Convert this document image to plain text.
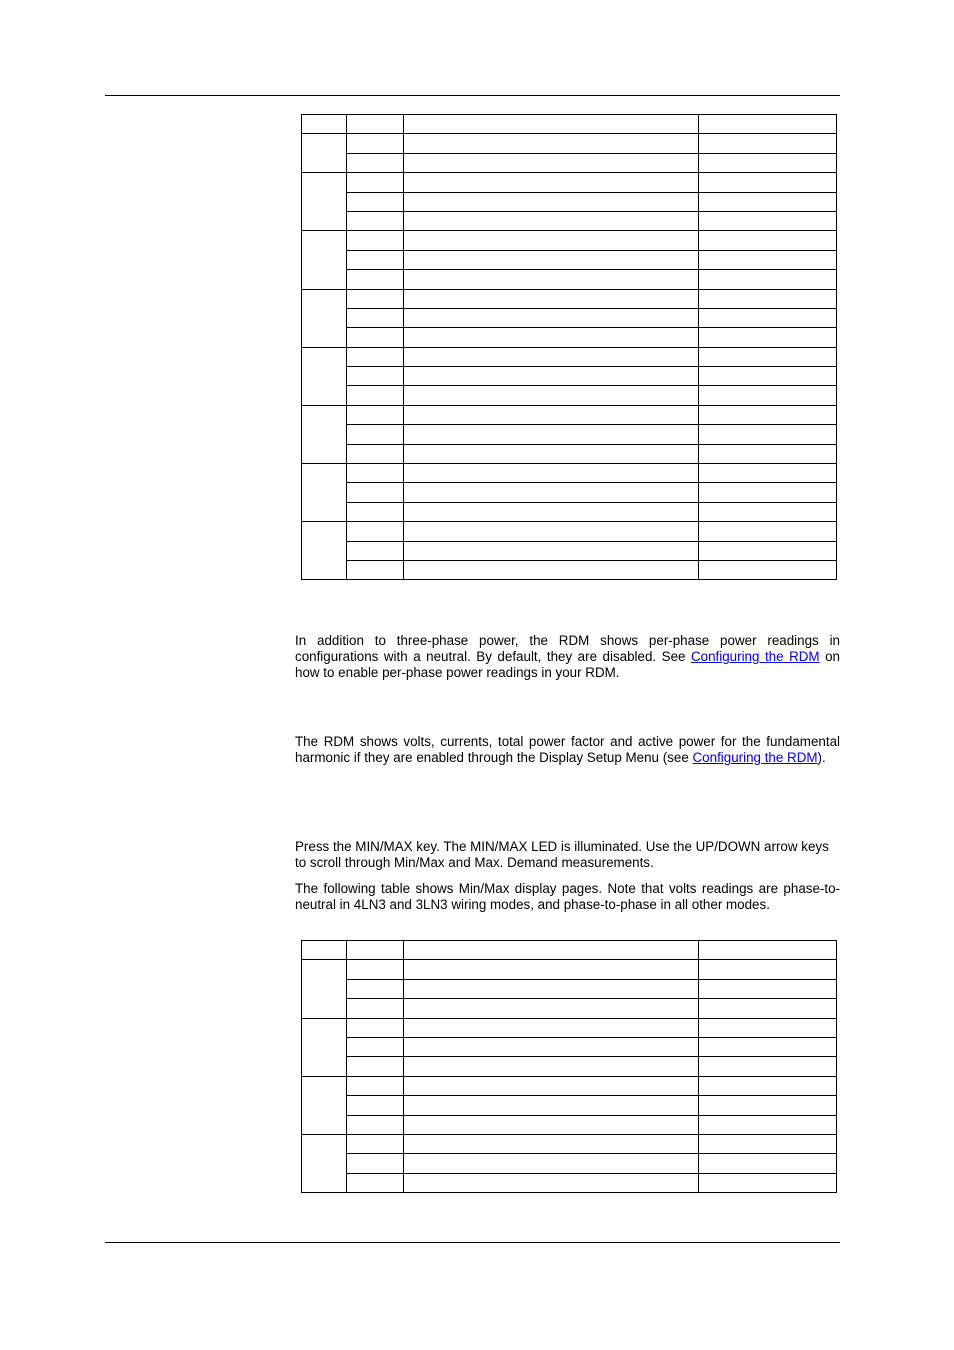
In addition to three-phase power, the RDM shows per-phase power readings in configurations with a neutral. By default, they are disabled. See Configuring the RDM on how to enable per-phase power readings in your RDM.

The RDM shows volts, currents, total power factor and active power for the fundamental harmonic if they are enabled through the Display Setup Menu (see Configuring the RDM).

Press the MIN/MAX key. The MIN/MAX LED is illuminated. Use the UP/DOWN arrow keys to scroll through Min/Max and Max. Demand measurements.

The following table shows Min/Max display pages. Note that volts readings are phase-to-neutral in 4LN3 and 3LN3 wiring modes, and phase-to-phase in all other modes.
